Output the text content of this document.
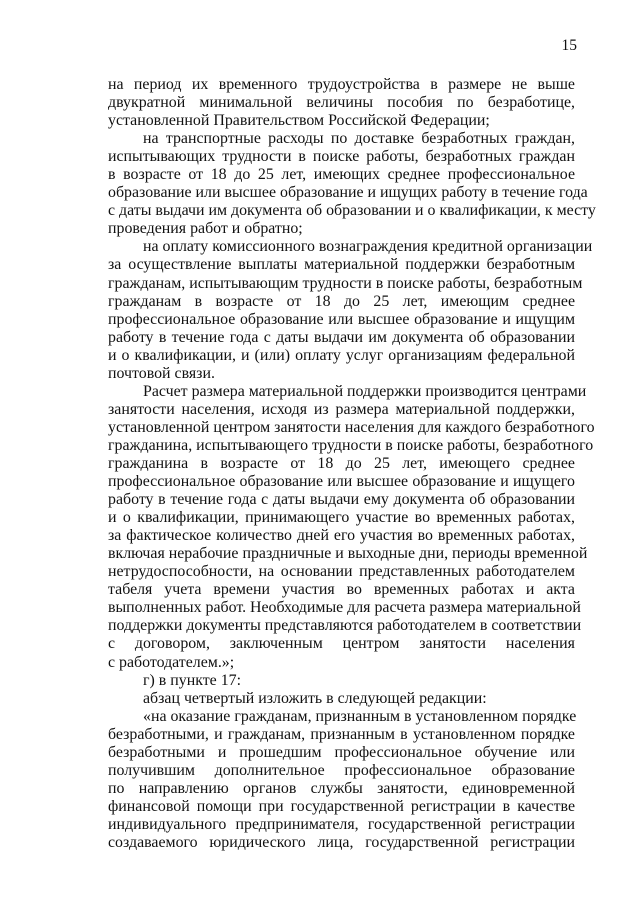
15
на период их временного трудоустройства в размере не выше
двукратной минимальной величины пособия по безработице,
установленной Правительством Российской Федерации;
на транспортные расходы по доставке безработных граждан,
испытывающих трудности в поиске работы, безработных граждан
в возрасте от 18 до 25 лет, имеющих среднее профессиональное
образование или высшее образование и ищущих работу в течение года
с даты выдачи им документа об образовании и о квалификации, к месту
проведения работ и обратно;
на оплату комиссионного вознаграждения кредитной организации
за осуществление выплаты материальной поддержки безработным
гражданам, испытывающим трудности в поиске работы, безработным
гражданам в возрасте от 18 до 25 лет, имеющим среднее
профессиональное образование или высшее образование и ищущим
работу в течение года с даты выдачи им документа об образовании
и о квалификации, и (или) оплату услуг организациям федеральной
почтовой связи.
Расчет размера материальной поддержки производится центрами
занятости населения, исходя из размера материальной поддержки,
установленной центром занятости населения для каждого безработного
гражданина, испытывающего трудности в поиске работы, безработного
гражданина в возрасте от 18 до 25 лет, имеющего среднее
профессиональное образование или высшее образование и ищущего
работу в течение года с даты выдачи ему документа об образовании
и о квалификации, принимающего участие во временных работах,
за фактическое количество дней его участия во временных работах,
включая нерабочие праздничные и выходные дни, периоды временной
нетрудоспособности, на основании представленных работодателем
табеля учета времени участия во временных работах и акта
выполненных работ. Необходимые для расчета размера материальной
поддержки документы представляются работодателем в соответствии
с договором, заключенным центром занятости населения
с работодателем.»;
г) в пункте 17:
абзац четвертый изложить в следующей редакции:
«на оказание гражданам, признанным в установленном порядке
безработными, и гражданам, признанным в установленном порядке
безработными и прошедшим профессиональное обучение или
получившим дополнительное профессиональное образование
по направлению органов службы занятости, единовременной
финансовой помощи при государственной регистрации в качестве
индивидуального предпринимателя, государственной регистрации
создаваемого юридического лица, государственной регистрации
